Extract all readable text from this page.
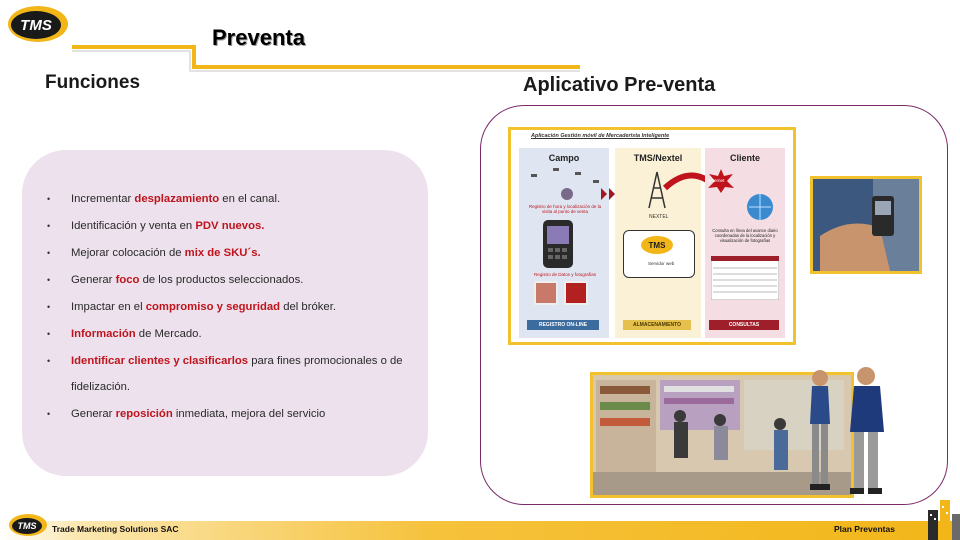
TMS	Preventa
Funciones	Aplicativo Pre-venta
• Incrementar desplazamiento en el canal.
• Identificación y venta en PDV nuevos.
• Mejorar colocación de mix de SKU´s.
• Generar foco de los productos seleccionados.
• Impactar en el compromiso y seguridad del bróker.
• Información de Mercado.
• Identificar clientes y clasificarlos para fines promocionales o de fidelización.
• Generar reposición inmediata, mejora del servicio
Aplicación Gestión móvil de Mercaderista Inteligente
Campo
Registro de hora y localización de la visita al punto de venta
Registro de Datos y fotografías
REGISTRO ON-LINE
TMS/Nextel
NEXTEL
TMS
Servidor web
ALMACENAMIENTO
Cliente
Internet
Consulta en línea del avance diario coordenadas de la localización y visualización de fotografías
CONSULTAS
TMS Trade Marketing Solutions SAC	Plan Preventas
